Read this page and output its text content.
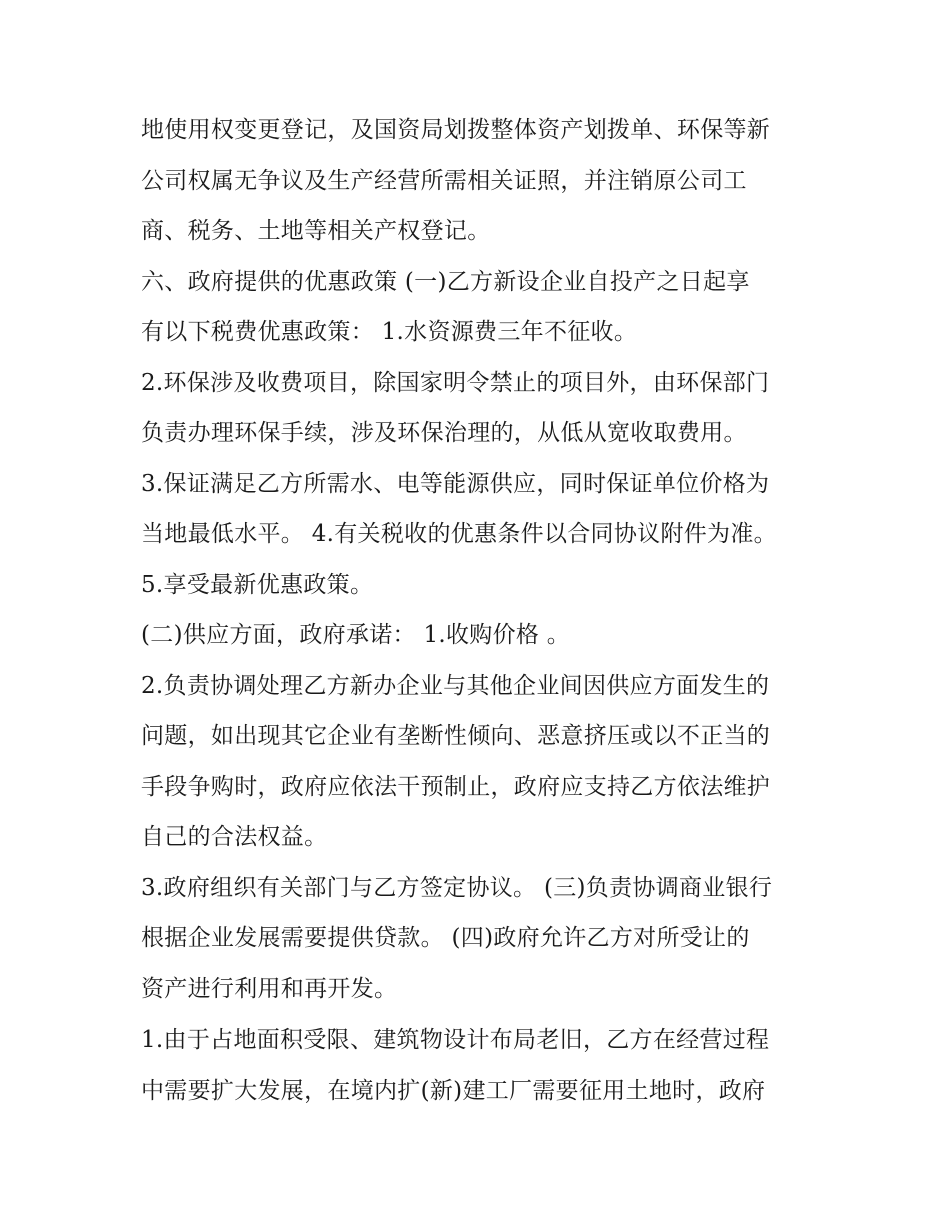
地使用权变更登记，及国资局划拨整体资产划拨单、环保等新
公司权属无争议及生产经营所需相关证照，并注销原公司工
商、税务、土地等相关产权登记。
六、政府提供的优惠政策 (一)乙方新设企业自投产之日起享
有以下税费优惠政策： 1.水资源费三年不征收。
2.环保涉及收费项目，除国家明令禁止的项目外，由环保部门
负责办理环保手续，涉及环保治理的，从低从宽收取费用。
3.保证满足乙方所需水、电等能源供应，同时保证单位价格为
当地最低水平。 4.有关税收的优惠条件以合同协议附件为准。
5.享受最新优惠政策。
(二)供应方面，政府承诺： 1.收购价格 。
2.负责协调处理乙方新办企业与其他企业间因供应方面发生的
问题，如出现其它企业有垄断性倾向、恶意挤压或以不正当的
手段争购时，政府应依法干预制止，政府应支持乙方依法维护
自己的合法权益。
3.政府组织有关部门与乙方签定协议。 (三)负责协调商业银行
根据企业发展需要提供贷款。 (四)政府允许乙方对所受让的
资产进行利用和再开发。
1.由于占地面积受限、建筑物设计布局老旧，乙方在经营过程
中需要扩大发展，在境内扩(新)建工厂需要征用土地时，政府
